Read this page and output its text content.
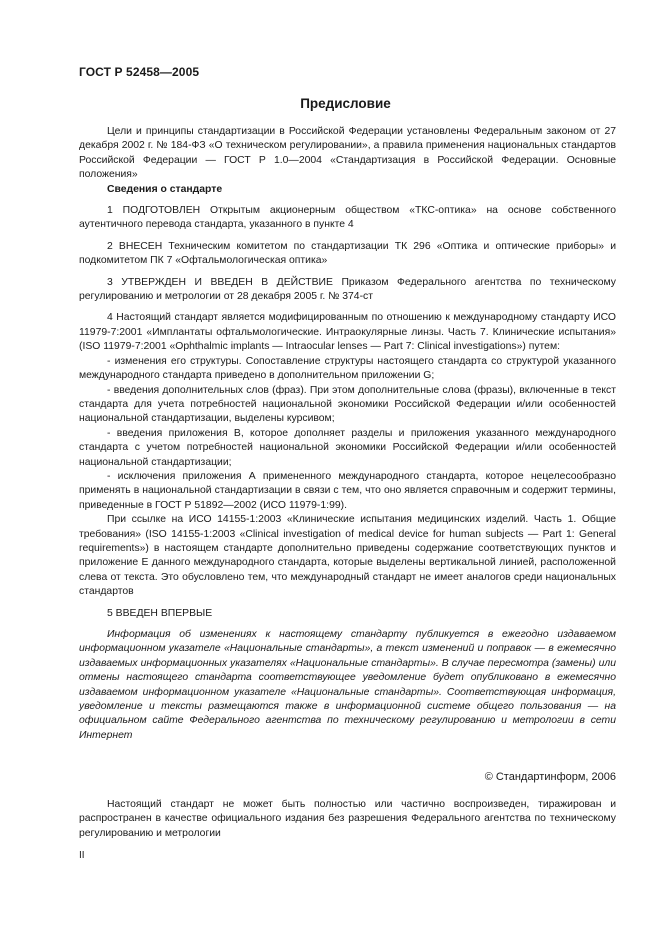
ГОСТ Р 52458—2005
Предисловие

Цели и принципы стандартизации в Российской Федерации установлены Федеральным законом от 27 декабря 2002 г. № 184-ФЗ «О техническом регулировании», а правила применения национальных стандартов Российской Федерации — ГОСТ Р 1.0—2004 «Стандартизация в Российской Федерации. Основные положения»

Сведения о стандарте

1 ПОДГОТОВЛЕН Открытым акционерным обществом «ТКС-оптика» на основе собственного аутентичного перевода стандарта, указанного в пункте 4

2 ВНЕСЕН Техническим комитетом по стандартизации ТК 296 «Оптика и оптические приборы» и подкомитетом ПК 7 «Офтальмологическая оптика»

3 УТВЕРЖДЕН И ВВЕДЕН В ДЕЙСТВИЕ Приказом Федерального агентства по техническому регулированию и метрологии от 28 декабря 2005 г. № 374-ст

4 Настоящий стандарт является модифицированным по отношению к международному стандарту ИСО 11979-7:2001 «Имплантаты офтальмологические. Интраокулярные линзы. Часть 7. Клинические испытания» (ISO 11979-7:2001 «Ophthalmic implants — Intraocular lenses — Part 7: Clinical investigations») путем:

- изменения его структуры. Сопоставление структуры настоящего стандарта со структурой указанного международного стандарта приведено в дополнительном приложении G;

- введения дополнительных слов (фраз). При этом дополнительные слова (фразы), включенные в текст стандарта для учета потребностей национальной экономики Российской Федерации и/или особенностей национальной стандартизации, выделены курсивом;

- введения приложения В, которое дополняет разделы и приложения указанного международного стандарта с учетом потребностей национальной экономики Российской Федерации и/или особенностей национальной стандартизации;

- исключения приложения А примененного международного стандарта, которое нецелесообразно применять в национальной стандартизации в связи с тем, что оно является справочным и содержит термины, приведенные в ГОСТ Р 51892—2002 (ИСО 11979-1:99).

При ссылке на ИСО 14155-1:2003 «Клинические испытания медицинских изделий. Часть 1. Общие требования» (ISO 14155-1:2003 «Clinical investigation of medical device for human subjects — Part 1: General requirements») в настоящем стандарте дополнительно приведены содержание соответствующих пунктов и приложение Е данного международного стандарта, которые выделены вертикальной линией, расположенной слева от текста. Это обусловлено тем, что международный стандарт не имеет аналогов среди национальных стандартов

5 ВВЕДЕН ВПЕРВЫЕ

Информация об изменениях к настоящему стандарту публикуется в ежегодно издаваемом информационном указателе «Национальные стандарты», а текст изменений и поправок — в ежемесячно издаваемых информационных указателях «Национальные стандарты». В случае пересмотра (замены) или отмены настоящего стандарта соответствующее уведомление будет опубликовано в ежемесячно издаваемом информационном указателе «Национальные стандарты». Соответствующая информация, уведомление и тексты размещаются также в информационной системе общего пользования — на официальном сайте Федерального агентства по техническому регулированию и метрологии в сети Интернет

© Стандартинформ, 2006

Настоящий стандарт не может быть полностью или частично воспроизведен, тиражирован и распространен в качестве официального издания без разрешения Федерального агентства по техническому регулированию и метрологии

II
